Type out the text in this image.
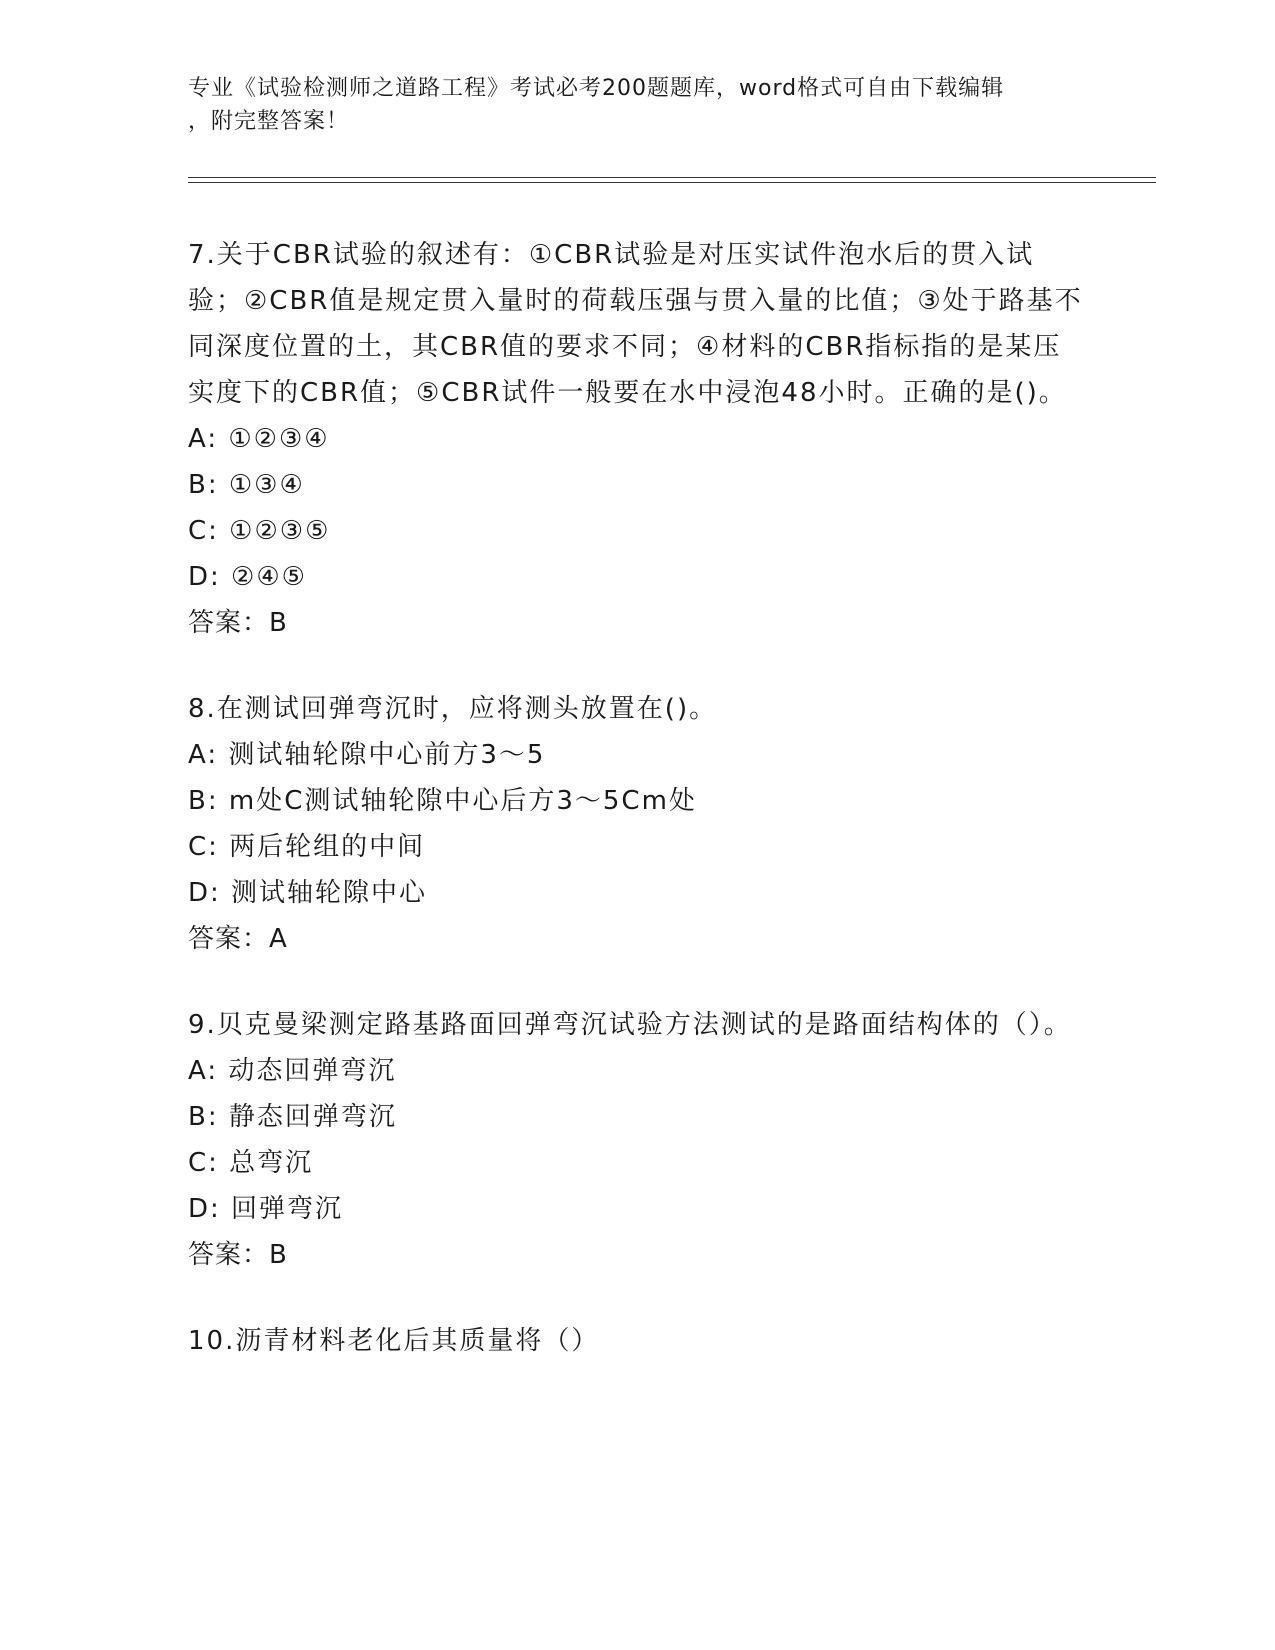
专业《试验检测师之道路工程》考试必考200题题库，word格式可自由下载编辑
，附完整答案！
7.关于CBR试验的叙述有：①CBR试验是对压实试件泡水后的贯入试验；②CBR值是规定贯入量时的荷载压强与贯入量的比值；③处于路基不同深度位置的土，其CBR值的要求不同；④材料的CBR指标指的是某压实度下的CBR值；⑤CBR试件一般要在水中浸泡48小时。正确的是()。
A: ①②③④
B: ①③④
C: ①②③⑤
D: ②④⑤
答案：B
8.在测试回弹弯沉时，应将测头放置在()。
A: 测试轴轮隙中心前方3～5
B: m处C测试轴轮隙中心后方3～5Cm处
C: 两后轮组的中间
D: 测试轴轮隙中心
答案：A
9.贝克曼梁测定路基路面回弹弯沉试验方法测试的是路面结构体的（）。
A: 动态回弹弯沉
B: 静态回弹弯沉
C: 总弯沉
D: 回弹弯沉
答案：B
10.沥青材料老化后其质量将（）
